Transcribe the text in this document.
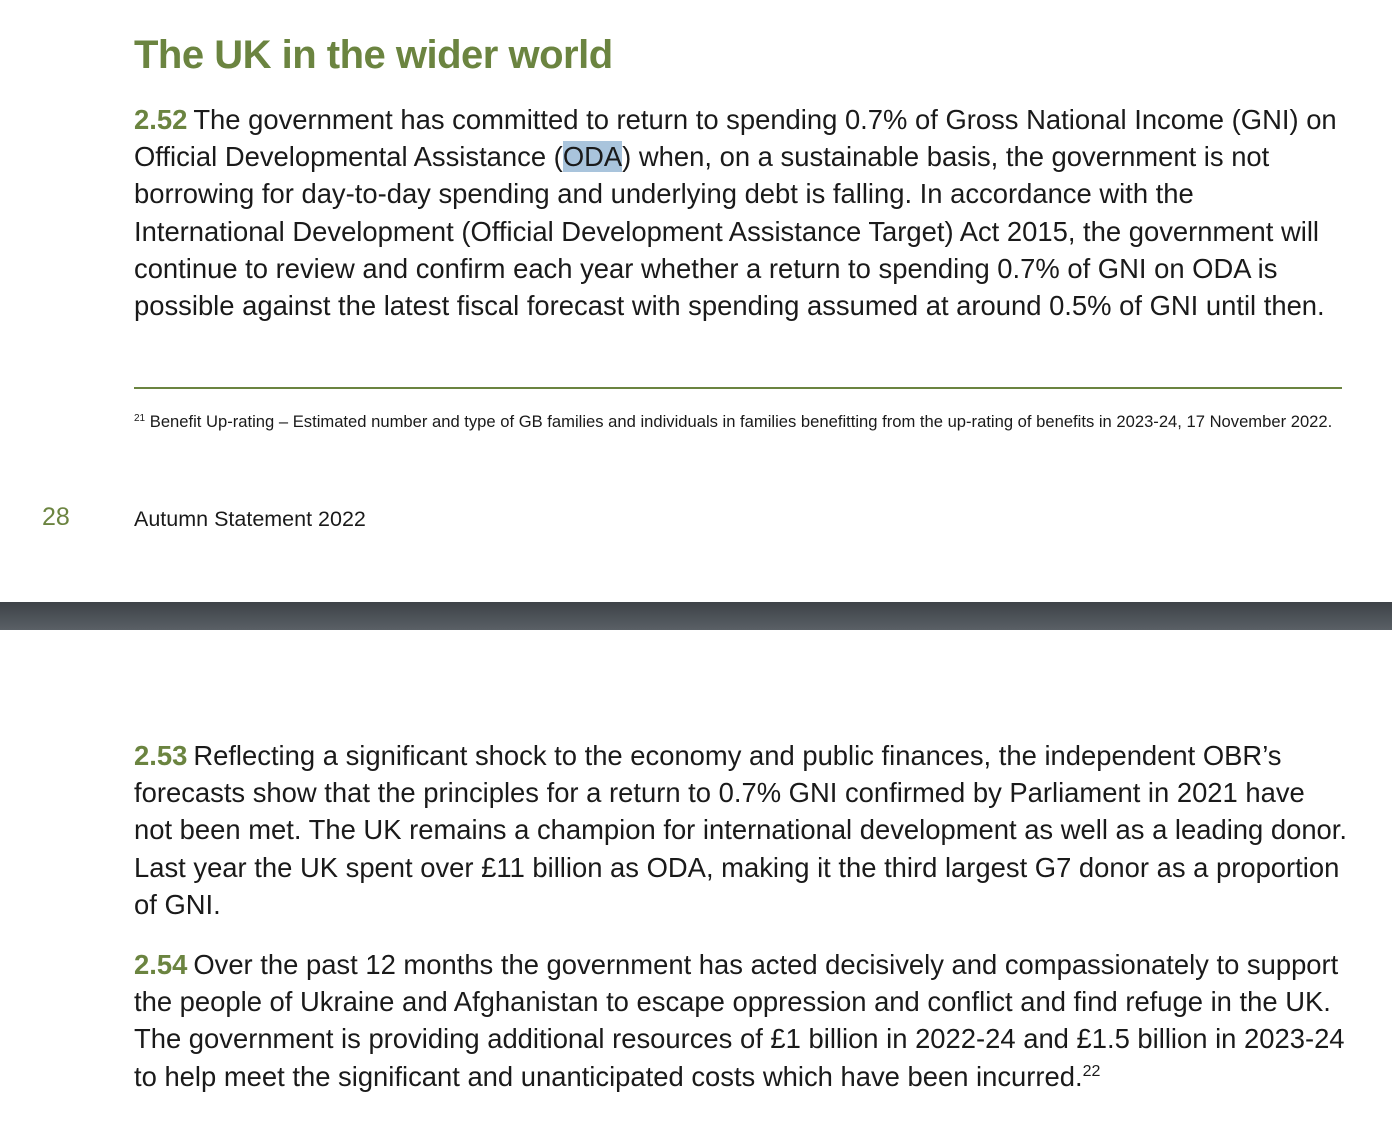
The UK in the wider world

2.52 The government has committed to return to spending 0.7% of Gross National Income (GNI) on Official Developmental Assistance (ODA) when, on a sustainable basis, the government is not borrowing for day-to-day spending and underlying debt is falling. In accordance with the International Development (Official Development Assistance Target) Act 2015, the government will continue to review and confirm each year whether a return to spending 0.7% of GNI on ODA is possible against the latest fiscal forecast with spending assumed at around 0.5% of GNI until then.

$^{21}$ Benefit Up-rating – Estimated number and type of GB families and individuals in families benefitting from the up-rating of benefits in 2023-24, 17 November 2022.

28	Autumn Statement 2022

2.53 Reflecting a significant shock to the economy and public finances, the independent OBR’s forecasts show that the principles for a return to 0.7% GNI confirmed by Parliament in 2021 have not been met. The UK remains a champion for international development as well as a leading donor. Last year the UK spent over £11 billion as ODA, making it the third largest G7 donor as a proportion of GNI.

2.54 Over the past 12 months the government has acted decisively and compassionately to support the people of Ukraine and Afghanistan to escape oppression and conflict and find refuge in the UK. The government is providing additional resources of £1 billion in 2022-24 and £1.5 billion in 2023-24 to help meet the significant and unanticipated costs which have been incurred.$^{22}$
